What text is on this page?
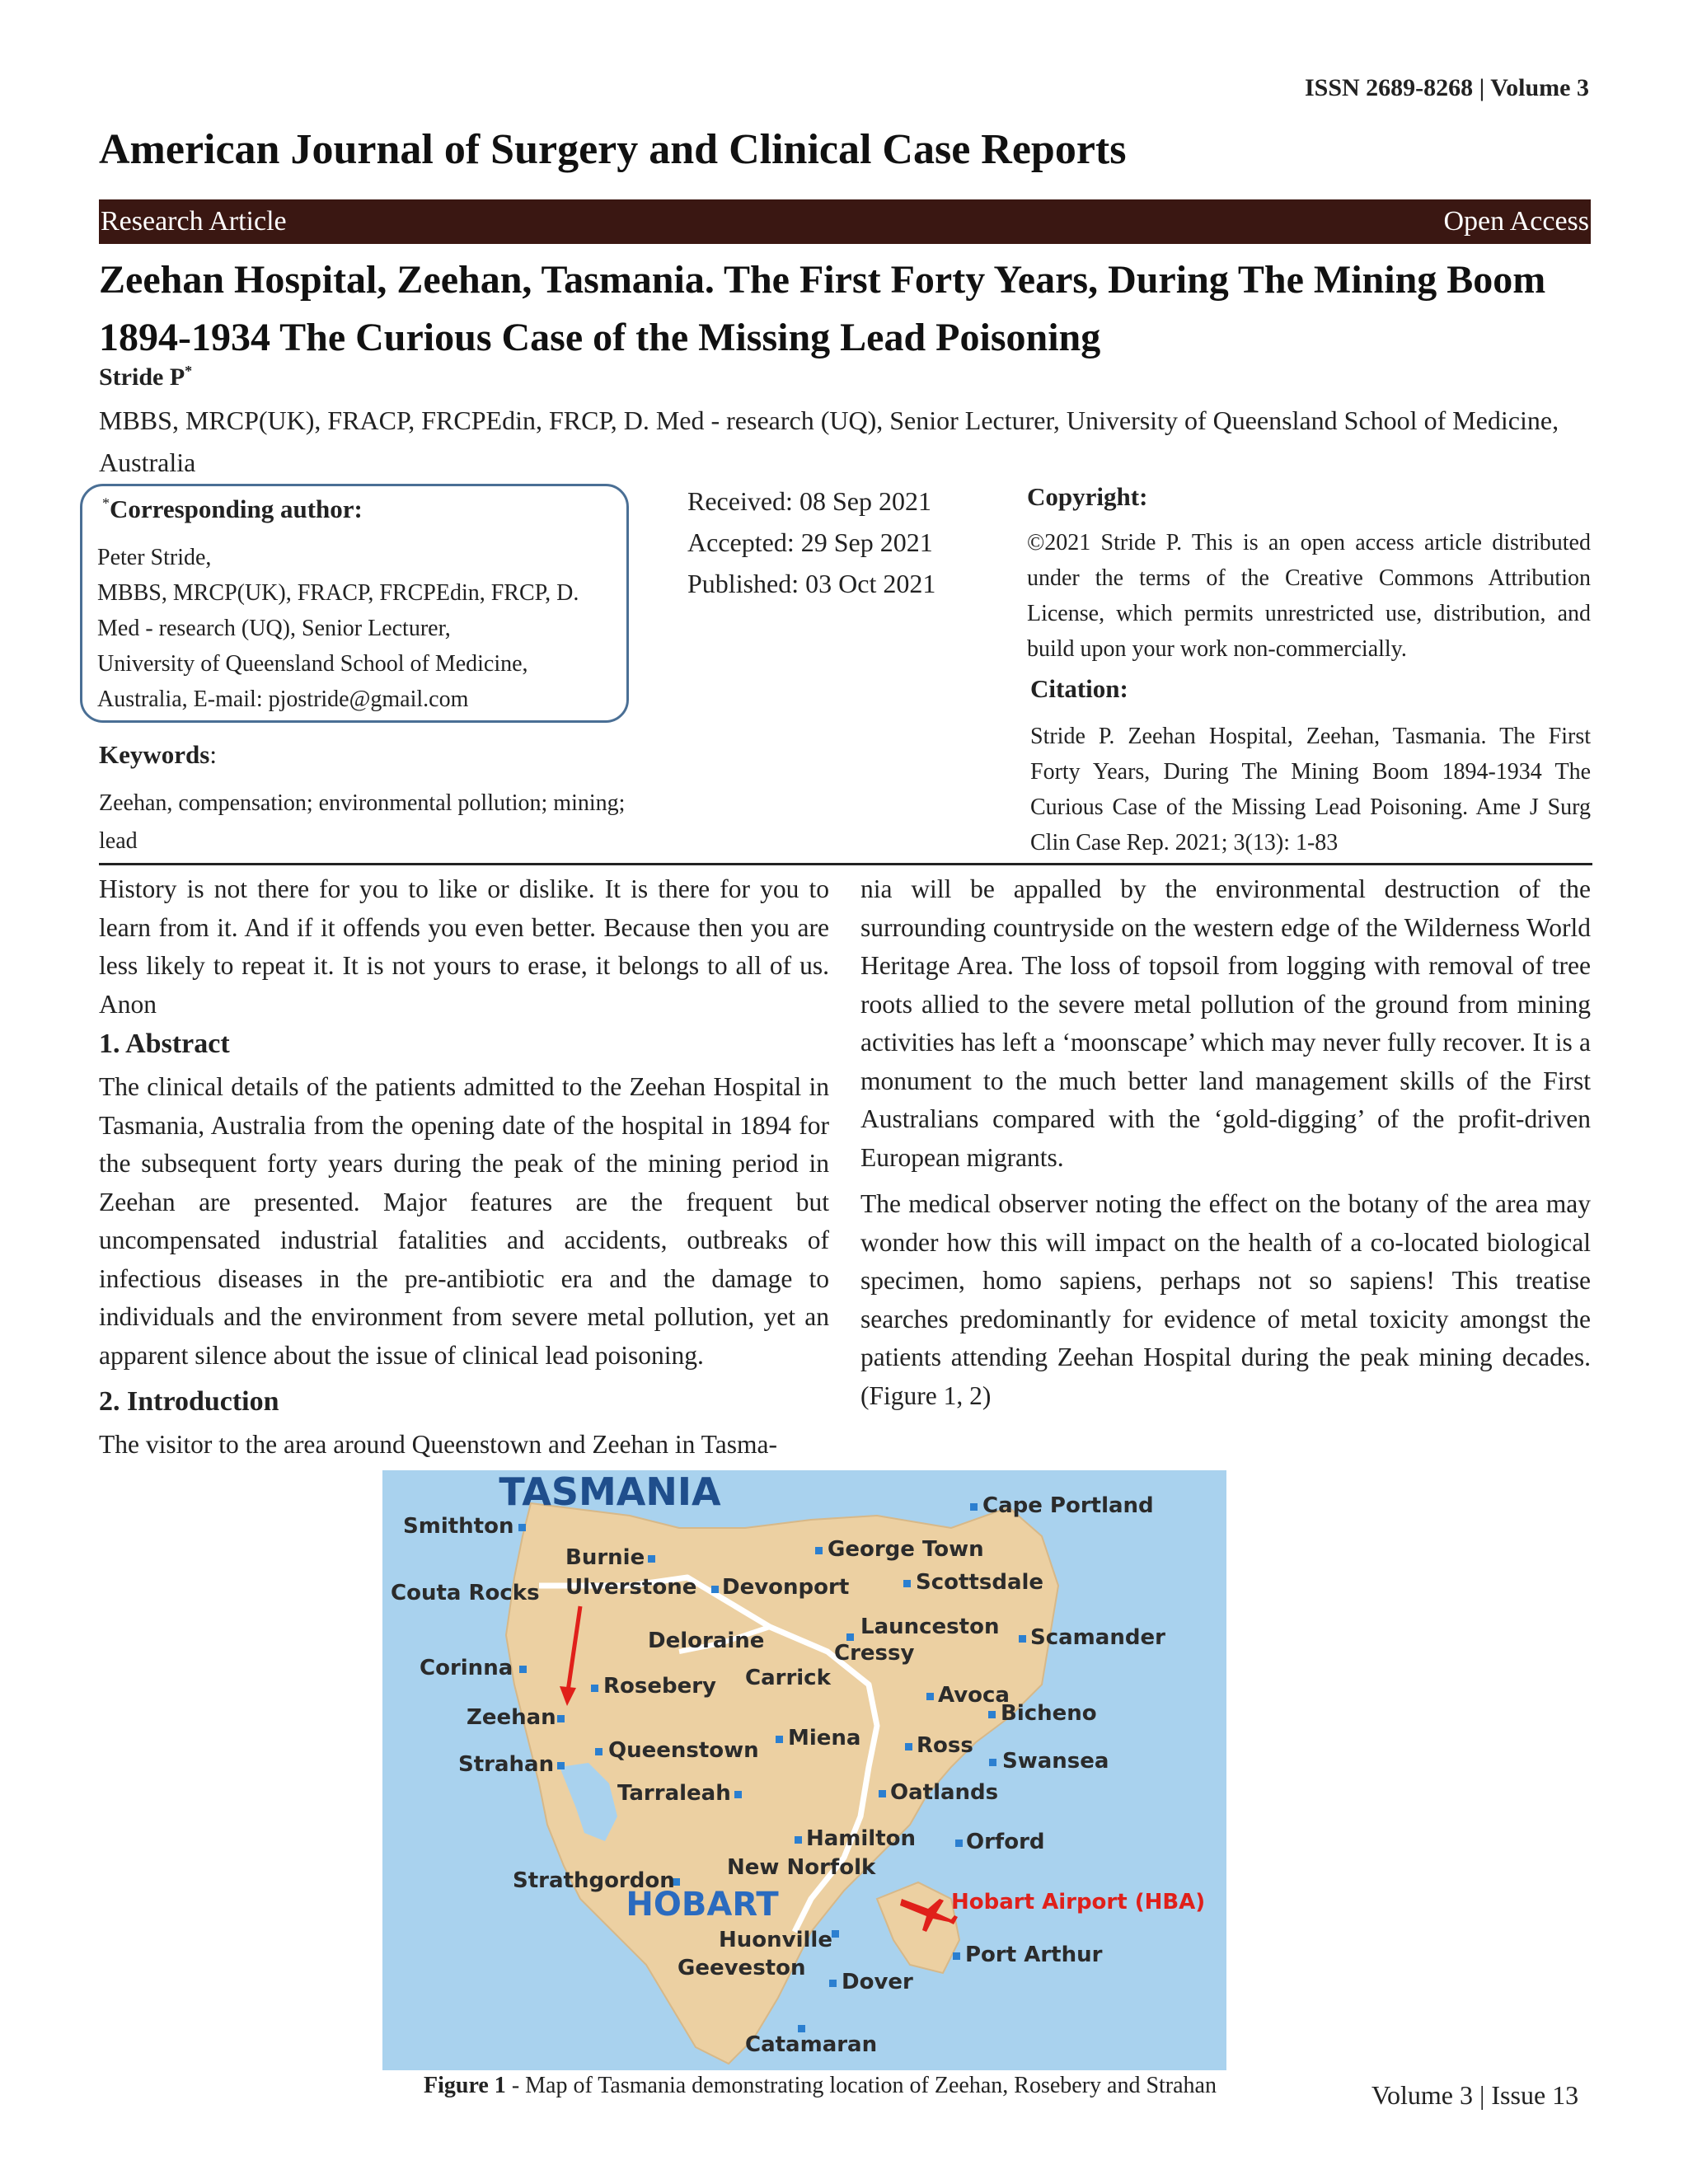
ISSN 2689-8268 | Volume 3
American Journal of Surgery and Clinical Case Reports
Research Article	Open Access
Zeehan Hospital, Zeehan, Tasmania. The First Forty Years, During The Mining Boom 1894-1934 The Curious Case of the Missing Lead Poisoning
Stride P*
MBBS, MRCP(UK), FRACP, FRCPEdin, FRCP, D. Med - research (UQ), Senior Lecturer, University of Queensland School of Medicine, Australia
*Corresponding author:
Peter Stride,
MBBS, MRCP(UK), FRACP, FRCPEdin, FRCP, D.
Med - research (UQ), Senior Lecturer,
University of Queensland School of Medicine,
Australia, E-mail: pjostride@gmail.com
Received: 08 Sep 2021
Accepted: 29 Sep 2021
Published: 03 Oct 2021
Copyright:
©2021 Stride P. This is an open access article distributed under the terms of the Creative Commons Attribution License, which permits unrestricted use, distribution, and build upon your work non-commercially.
Citation:
Stride P. Zeehan Hospital, Zeehan, Tasmania. The First Forty Years, During The Mining Boom 1894-1934 The Curious Case of the Missing Lead Poisoning. Ame J Surg Clin Case Rep. 2021; 3(13): 1-83
Keywords:
Zeehan, compensation; environmental pollution; mining; lead

History is not there for you to like or dislike. It is there for you to learn from it. And if it offends you even better. Because then you are less likely to repeat it. It is not yours to erase, it belongs to all of us. Anon

1. Abstract

The clinical details of the patients admitted to the Zeehan Hospital in Tasmania, Australia from the opening date of the hospital in 1894 for the subsequent forty years during the peak of the mining period in Zeehan are presented. Major features are the frequent but uncompensated industrial fatalities and accidents, outbreaks of infectious diseases in the pre-antibiotic era and the damage to individuals and the environment from severe metal pollution, yet an apparent silence about the issue of clinical lead poisoning.

2. Introduction

The visitor to the area around Queenstown and Zeehan in Tasma-

nia will be appalled by the environmental destruction of the surrounding countryside on the western edge of the Wilderness World Heritage Area. The loss of topsoil from logging with removal of tree roots allied to the severe metal pollution of the ground from mining activities has left a ‘moonscape’ which may never fully recover. It is a monument to the much better land management skills of the First Australians compared with the ‘gold-digging’ of the profit-driven European migrants.

The medical observer noting the effect on the botany of the area may wonder how this will impact on the health of a co-located biological specimen, homo sapiens, perhaps not so sapiens! This treatise searches predominantly for evidence of metal toxicity amongst the patients attending Zeehan Hospital during the peak mining decades. (Figure 1, 2)

TASMANIA
HOBART
Smithton
Burnie
Ulverstone Devonport
George Town
Cape Portland
Scottsdale
Couta Rocks
Launceston
Cressy
Deloraine	Scamander
Corinna	Carrick
Rosebery	Avoca
Zeehan	Bicheno
Strahan
Queenstown Miena	Ross
Swansea
Tarraleah	Oatlands
Hamilton Orford
New Norfolk
Strathgordon
Huonville
Port Arthur
Geeveston
Dover
Catamaran
Hobart Airport (HBA)
Figure 1 - Map of Tasmania demonstrating location of Zeehan, Rosebery and Strahan	Volume 3 | Issue 13
